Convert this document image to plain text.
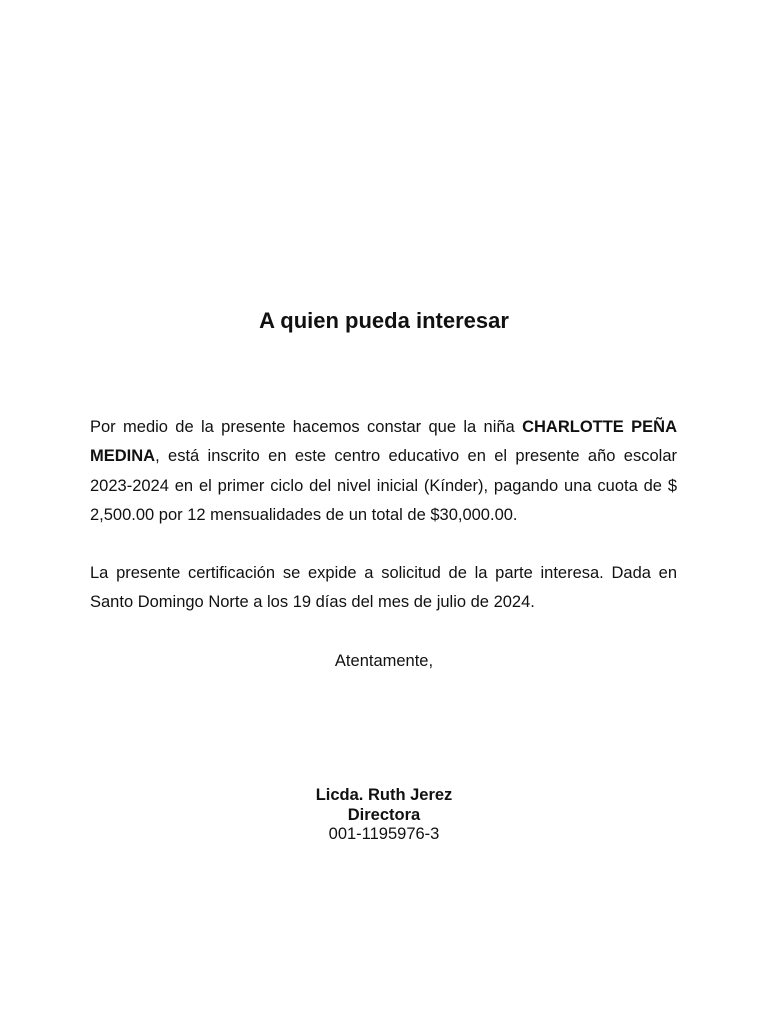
A quien pueda interesar

Por medio de la presente hacemos constar que la niña CHARLOTTE PEÑA MEDINA, está inscrito en este centro educativo en el presente año escolar 2023-2024 en el primer ciclo del nivel inicial (Kínder), pagando una cuota de $ 2,500.00 por 12 mensualidades de un total de $30,000.00.

La presente certificación se expide a solicitud de la parte interesa. Dada en Santo Domingo Norte a los 19 días del mes de julio de 2024.

Atentamente,

Licda. Ruth Jerez
Directora
001-1195976-3
